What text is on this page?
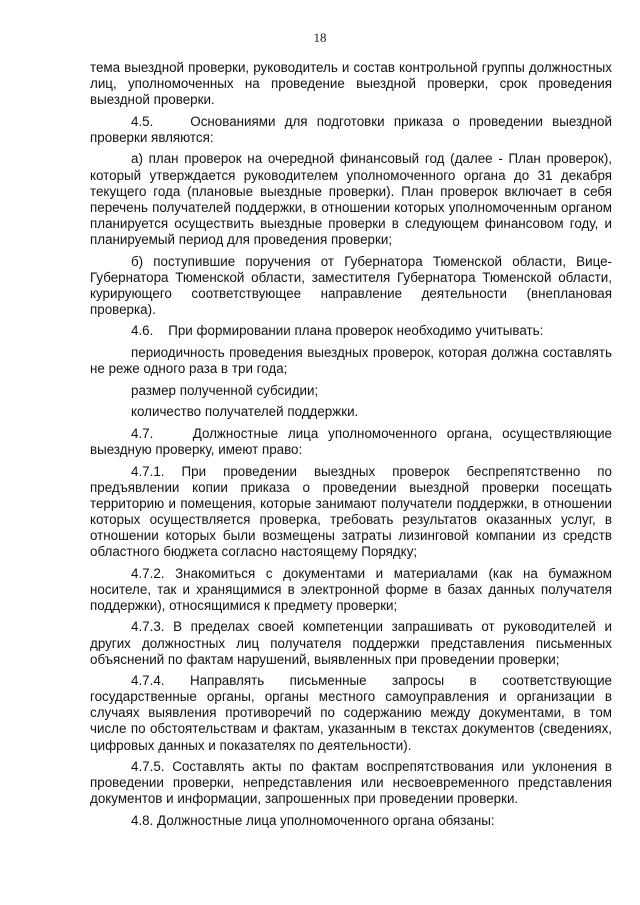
18

тема выездной проверки, руководитель и состав контрольной группы должностных лиц, уполномоченных на проведение выездной проверки, срок проведения выездной проверки.

4.5.    Основаниями для подготовки приказа о проведении выездной проверки являются:

а) план проверок на очередной финансовый год (далее - План проверок), который утверждается руководителем уполномоченного органа до 31 декабря текущего года (плановые выездные проверки). План проверок включает в себя перечень получателей поддержки, в отношении которых уполномоченным органом планируется осуществить выездные проверки в следующем финансовом году, и планируемый период для проведения проверки;

б) поступившие поручения от Губернатора Тюменской области, Вице-Губернатора Тюменской области, заместителя Губернатора Тюменской области, курирующего соответствующее направление деятельности (внеплановая проверка).

4.6.    При формировании плана проверок необходимо учитывать:

периодичность проведения выездных проверок, которая должна составлять не реже одного раза в три года;

размер полученной субсидии;

количество получателей поддержки.

4.7.    Должностные лица уполномоченного органа, осуществляющие выездную проверку, имеют право:

4.7.1. При проведении выездных проверок беспрепятственно по предъявлении копии приказа о проведении выездной проверки посещать территорию и помещения, которые занимают получатели поддержки, в отношении которых осуществляется проверка, требовать результатов оказанных услуг, в отношении которых были возмещены затраты лизинговой компании из средств областного бюджета согласно настоящему Порядку;

4.7.2. Знакомиться с документами и материалами (как на бумажном носителе, так и хранящимися в электронной форме в базах данных получателя поддержки), относящимися к предмету проверки;

4.7.3. В пределах своей компетенции запрашивать от руководителей и других должностных лиц получателя поддержки представления письменных объяснений по фактам нарушений, выявленных при проведении проверки;

4.7.4. Направлять письменные запросы в соответствующие государственные органы, органы местного самоуправления и организации в случаях выявления противоречий по содержанию между документами, в том числе по обстоятельствам и фактам, указанным в текстах документов (сведениях, цифровых данных и показателях по деятельности).

4.7.5. Составлять акты по фактам воспрепятствования или уклонения в проведении проверки, непредставления или несвоевременного представления документов и информации, запрошенных при проведении проверки.

4.8. Должностные лица уполномоченного органа обязаны:
